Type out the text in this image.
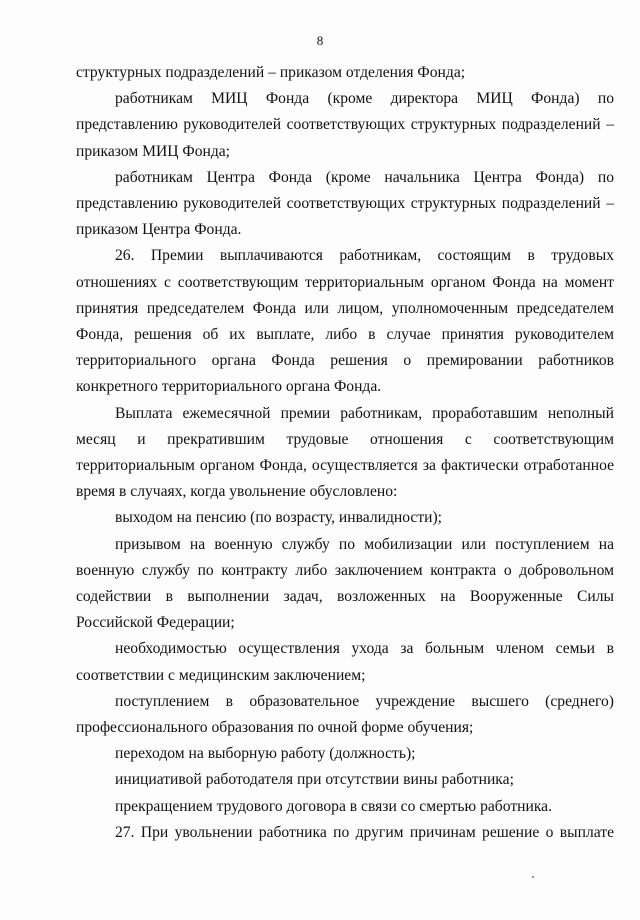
8

структурных подразделений – приказом отделения Фонда;

работникам МИЦ Фонда (кроме директора МИЦ Фонда) по представлению руководителей соответствующих структурных подразделений – приказом МИЦ Фонда;

работникам Центра Фонда (кроме начальника Центра Фонда) по представлению руководителей соответствующих структурных подразделений – приказом Центра Фонда.

26. Премии выплачиваются работникам, состоящим в трудовых отношениях с соответствующим территориальным органом Фонда на момент принятия председателем Фонда или лицом, уполномоченным председателем Фонда, решения об их выплате, либо в случае принятия руководителем территориального органа Фонда решения о премировании работников конкретного территориального органа Фонда.

Выплата ежемесячной премии работникам, проработавшим неполный месяц и прекратившим трудовые отношения с соответствующим территориальным органом Фонда, осуществляется за фактически отработанное время в случаях, когда увольнение обусловлено:

выходом на пенсию (по возрасту, инвалидности);

призывом на военную службу по мобилизации или поступлением на военную службу по контракту либо заключением контракта о добровольном содействии в выполнении задач, возложенных на Вооруженные Силы Российской Федерации;

необходимостью осуществления ухода за больным членом семьи в соответствии с медицинским заключением;

поступлением в образовательное учреждение высшего (среднего) профессионального образования по очной форме обучения;

переходом на выборную работу (должность);

инициативой работодателя при отсутствии вины работника;

прекращением трудового договора в связи со смертью работника.

27. При увольнении работника по другим причинам решение о выплате
